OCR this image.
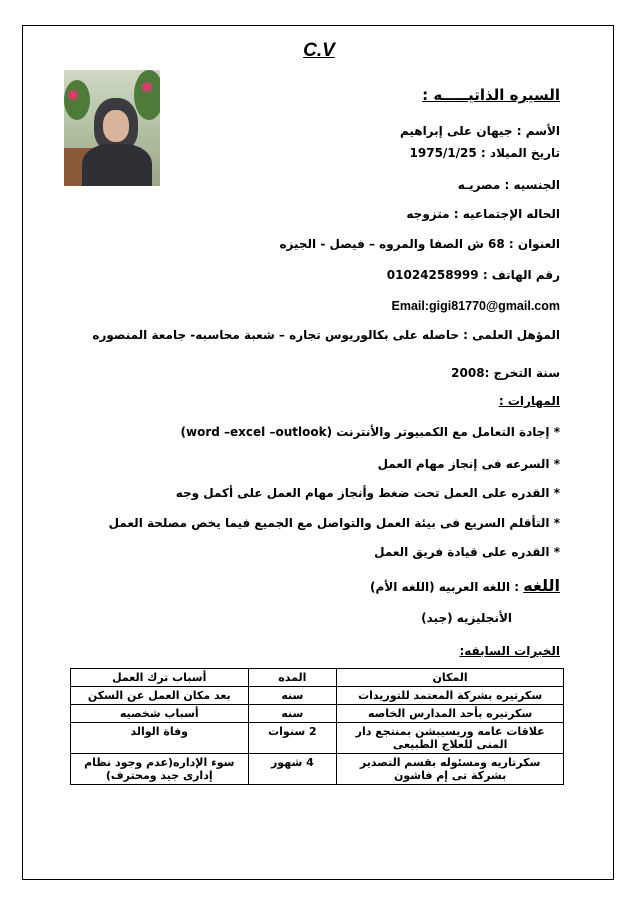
C.V
السيره الذاتيـــــه :
الأسم : جيهان على إبراهيم
تاريخ الميلاد : 1975/1/25
الجنسيه : مصريـه
الحاله الإجتماعيه : متزوجه
العنوان : 68 ش الصفا والمروه – فيصل - الجيزه
رقم الهاتف : 01024258999
Email:gigi81770@gmail.com
المؤهل العلمى : حاصله على بكالوريوس تجاره – شعبة محاسبه- جامعة المنصوره
سنة التخرج :2008
المهارات :
* إجادة التعامل مع الكمبيوتر والأنترنت (word –excel –outlook)
* السرعه فى إنجاز مهام العمل
* القدره على العمل تحت ضغط وأنجاز مهام العمل على أكمل وجه
* التأقلم السريع فى بيئة العمل والتواصل مع الجميع فيما يخص مصلحة العمل
* القدره على قيادة فريق العمل
اللغه : اللغه العربيه (اللغه الأم)
الأنجليزيه (جيد)
الخبرات السابقه:
المكان	المده	أسباب ترك العمل
سكرتيره بشركة المعتمد للتوريدات	سنه	بعد مكان العمل عن السكن
سكرتيره بأحد المدارس الخاصه	سنه	أسباب شخصيه
علاقات عامه وريسيبشن بمنتجع دار المنى للعلاج الطبيعى	2 سنوات	وفاة الوالد
سكرتاريه ومسئوله بقسم التصدير بشركة تى إم فاشون	4 شهور	سوء الإداره(عدم وجود نظام إدارى جيد ومحترف)
